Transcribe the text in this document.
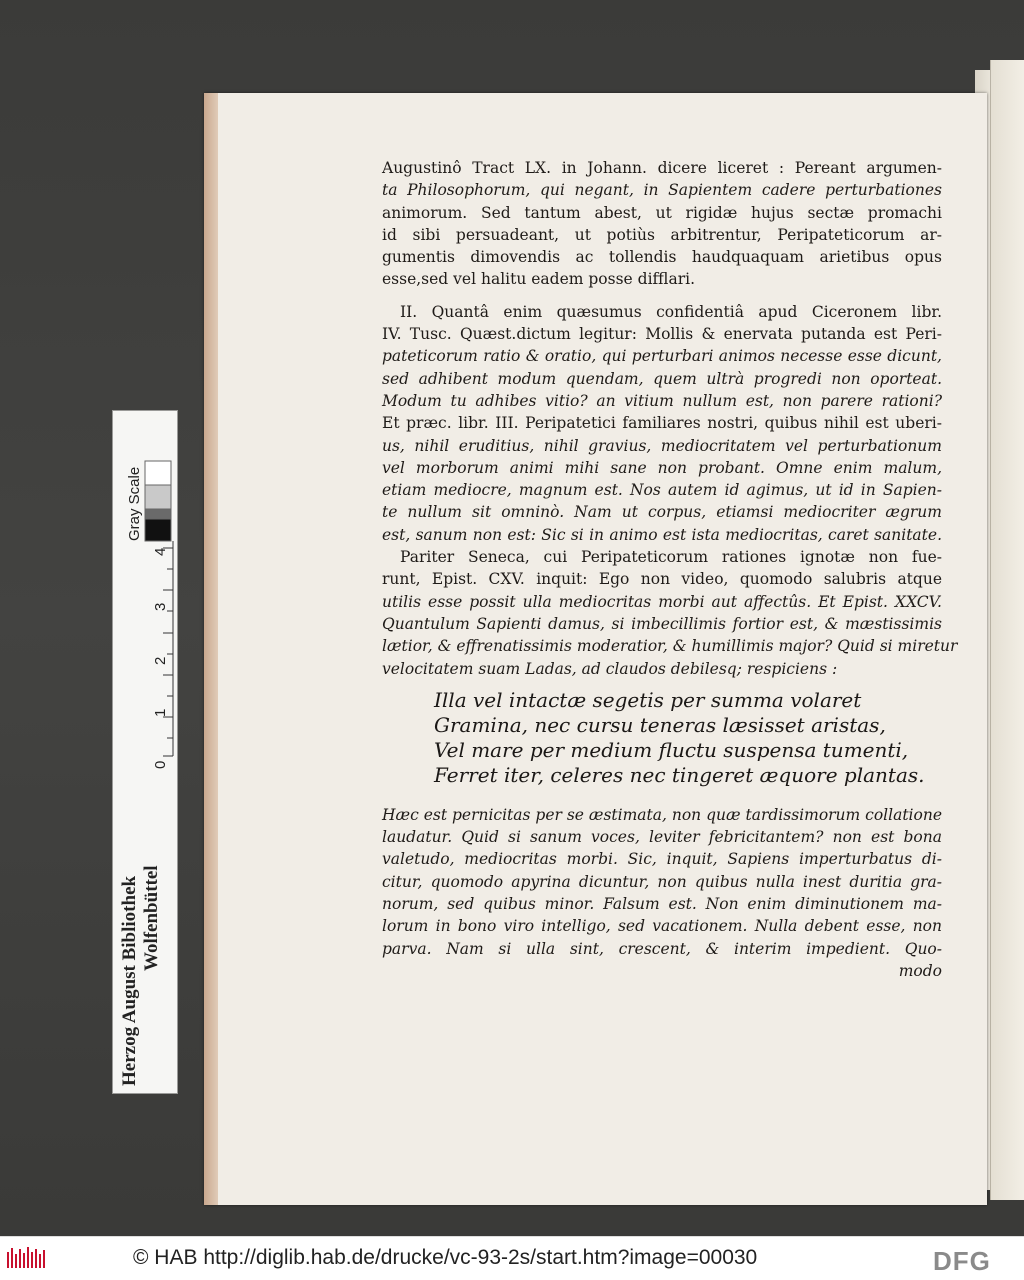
Augustinô Tract LX. in Johann. dicere liceret : Pereant argumen-
ta Philosophorum, qui negant, in Sapientem cadere perturbationes
animorum. Sed tantum abest, ut rigidæ hujus sectæ promachi
id sibi persuadeant, ut potiùs arbitrentur, Peripateticorum ar-
gumentis dimovendis ac tollendis haudquaquam arietibus opus
esse,sed vel halitu eadem posse difflari.
II. Quantâ enim quæsumus confidentiâ apud Ciceronem libr.
IV. Tusc. Quæst.dictum legitur: Mollis & enervata putanda est Peri-
pateticorum ratio & oratio, qui perturbari animos necesse esse dicunt,
sed adhibent modum quendam, quem ultrà progredi non oporteat.
Modum tu adhibes vitio? an vitium nullum est, non parere rationi?
Et præc. libr. III. Peripatetici familiares nostri, quibus nihil est uberi-
us, nihil eruditius, nihil gravius, mediocritatem vel perturbationum
vel morborum animi mihi sane non probant. Omne enim malum,
etiam mediocre, magnum est. Nos autem id agimus, ut id in Sapien-
te nullum sit omninò. Nam ut corpus, etiamsi mediocriter ægrum
est, sanum non est: Sic si in animo est ista mediocritas, caret sanitate.
Pariter Seneca, cui Peripateticorum rationes ignotæ non fue-
runt, Epist. CXV. inquit: Ego non video, quomodo salubris atque
utilis esse possit ulla mediocritas morbi aut affectûs. Et Epist. XXCV.
Quantulum Sapienti damus, si imbecillimis fortior est, & mæstissimis
lætior, & effrenatissimis moderatior, & humillimis major? Quid si miretur
velocitatem suam Ladas, ad claudos debilesq; respiciens :
Illa vel intactæ segetis per summa volaret
Gramina, nec cursu teneras læsisset aristas,
Vel mare per medium fluctu suspensa tumenti,
Ferret iter, celeres nec tingeret æquore plantas.
Hæc est pernicitas per se æstimata, non quæ tardissimorum collatione
laudatur. Quid si sanum voces, leviter febricitantem? non est bona
valetudo, mediocritas morbi. Sic, inquit, Sapiens imperturbatus di-
citur, quomodo apyrina dicuntur, non quibus nulla inest duritia gra-
norum, sed quibus minor. Falsum est. Non enim diminutionem ma-
lorum in bono viro intelligo, sed vacationem. Nulla debent esse, non
parva. Nam si ulla sint, crescent, & interim impedient. Quo-
modo
Herzog August Bibliothek Wolfenbüttel
Gray Scale
4
3
2
1
0
© HAB http://diglib.hab.de/drucke/vc-93-2s/start.htm?image=00030	DFG
